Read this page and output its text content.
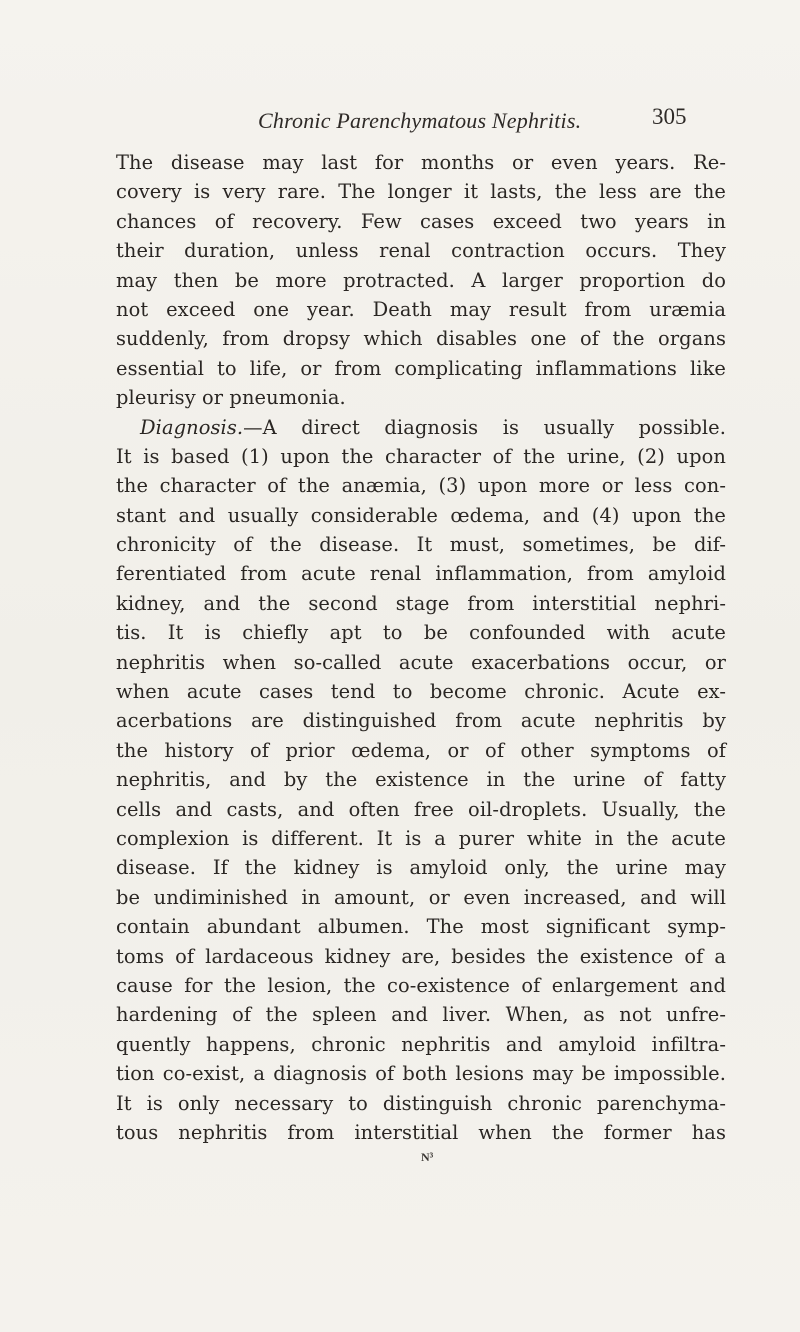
Chronic Parenchymatous Nephritis.	305
The disease may last for months or even years. Re-
covery is very rare. The longer it lasts, the less are the
chances of recovery. Few cases exceed two years in
their duration, unless renal contraction occurs. They
may then be more protracted. A larger proportion do
not exceed one year. Death may result from uræmia
suddenly, from dropsy which disables one of the organs
essential to life, or from complicating inflammations like
pleurisy or pneumonia.
Diagnosis.—A direct diagnosis is usually possible.
It is based (1) upon the character of the urine, (2) upon
the character of the anæmia, (3) upon more or less con-
stant and usually considerable œdema, and (4) upon the
chronicity of the disease. It must, sometimes, be dif-
ferentiated from acute renal inflammation, from amyloid
kidney, and the second stage from interstitial nephri-
tis. It is chiefly apt to be confounded with acute
nephritis when so-called acute exacerbations occur, or
when acute cases tend to become chronic. Acute ex-
acerbations are distinguished from acute nephritis by
the history of prior œdema, or of other symptoms of
nephritis, and by the existence in the urine of fatty
cells and casts, and often free oil-droplets. Usually, the
complexion is different. It is a purer white in the acute
disease. If the kidney is amyloid only, the urine may
be undiminished in amount, or even increased, and will
contain abundant albumen. The most significant symp-
toms of lardaceous kidney are, besides the existence of a
cause for the lesion, the co-existence of enlargement and
hardening of the spleen and liver. When, as not unfre-
quently happens, chronic nephritis and amyloid infiltra-
tion co-exist, a diagnosis of both lesions may be impossible.
It is only necessary to distinguish chronic parenchyma-
tous nephritis from interstitial when the former has
N³
